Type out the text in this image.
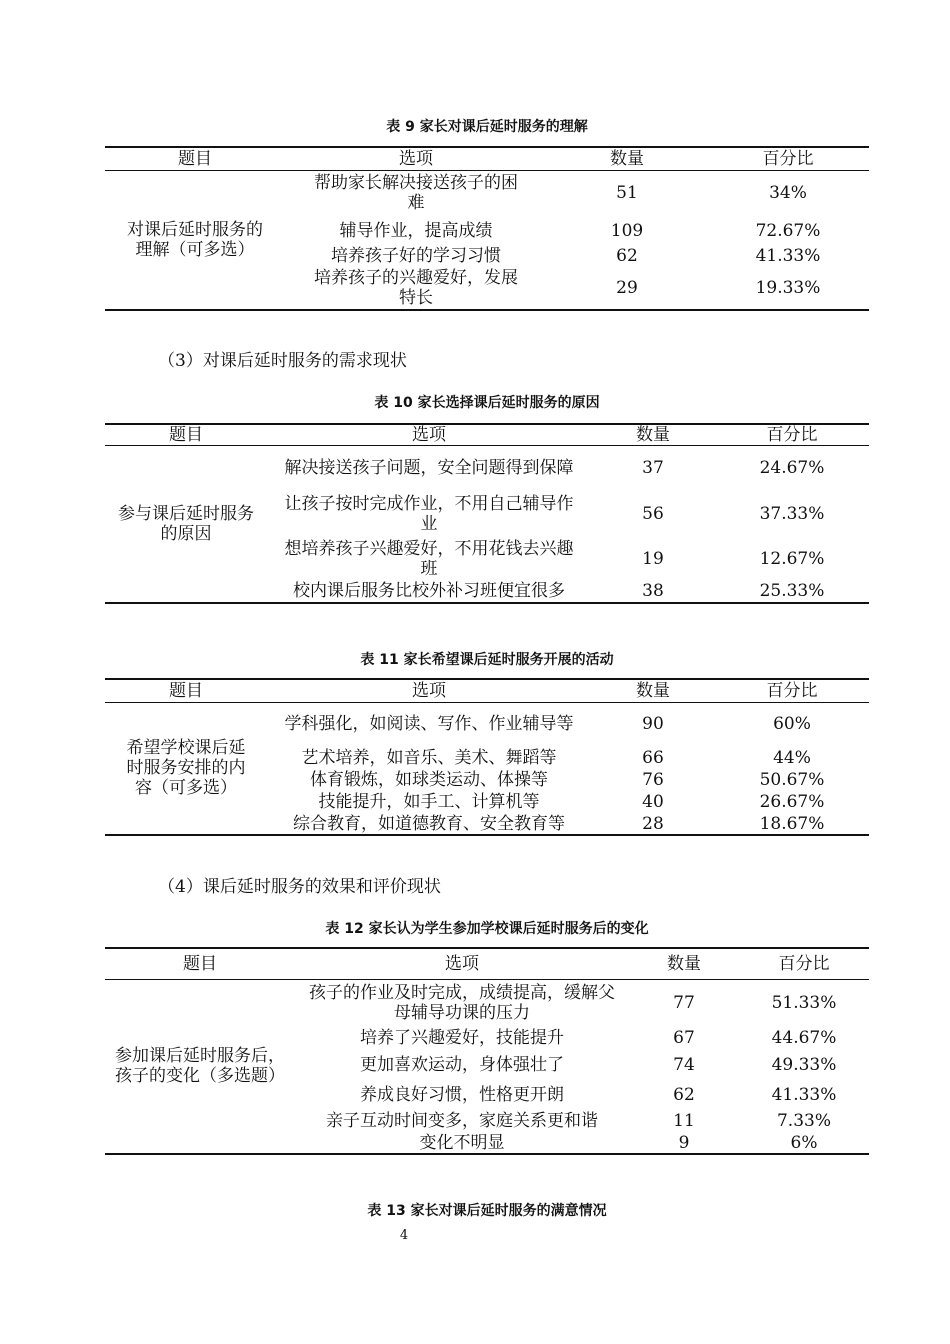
表 9 家长对课后延时服务的理解
题目	选项	数量	百分比
对课后延时服务的理解（可多选）	帮助家长解决接送孩子的困难	51	34%
	辅导作业，提高成绩	109	72.67%
	培养孩子好的学习习惯	62	41.33%
	培养孩子的兴趣爱好，发展特长	29	19.33%
（3）对课后延时服务的需求现状
表 10 家长选择课后延时服务的原因
题目	选项	数量	百分比
参与课后延时服务的原因	解决接送孩子问题，安全问题得到保障	37	24.67%
	让孩子按时完成作业，不用自己辅导作业	56	37.33%
	想培养孩子兴趣爱好，不用花钱去兴趣班	19	12.67%
	校内课后服务比校外补习班便宜很多	38	25.33%
表 11 家长希望课后延时服务开展的活动
题目	选项	数量	百分比
希望学校课后延时服务安排的内容（可多选）	学科强化，如阅读、写作、作业辅导等	90	60%
	艺术培养，如音乐、美术、舞蹈等	66	44%
	体育锻炼，如球类运动、体操等	76	50.67%
	技能提升，如手工、计算机等	40	26.67%
	综合教育，如道德教育、安全教育等	28	18.67%
（4）课后延时服务的效果和评价现状
表 12 家长认为学生参加学校课后延时服务后的变化
题目	选项	数量	百分比
参加课后延时服务后，孩子的变化（多选题）	孩子的作业及时完成，成绩提高，缓解父母辅导功课的压力	77	51.33%
	培养了兴趣爱好，技能提升	67	44.67%
	更加喜欢运动，身体强壮了	74	49.33%
	养成良好习惯，性格更开朗	62	41.33%
	亲子互动时间变多，家庭关系更和谐	11	7.33%
	变化不明显	9	6%
表 13 家长对课后延时服务的满意情况
4
